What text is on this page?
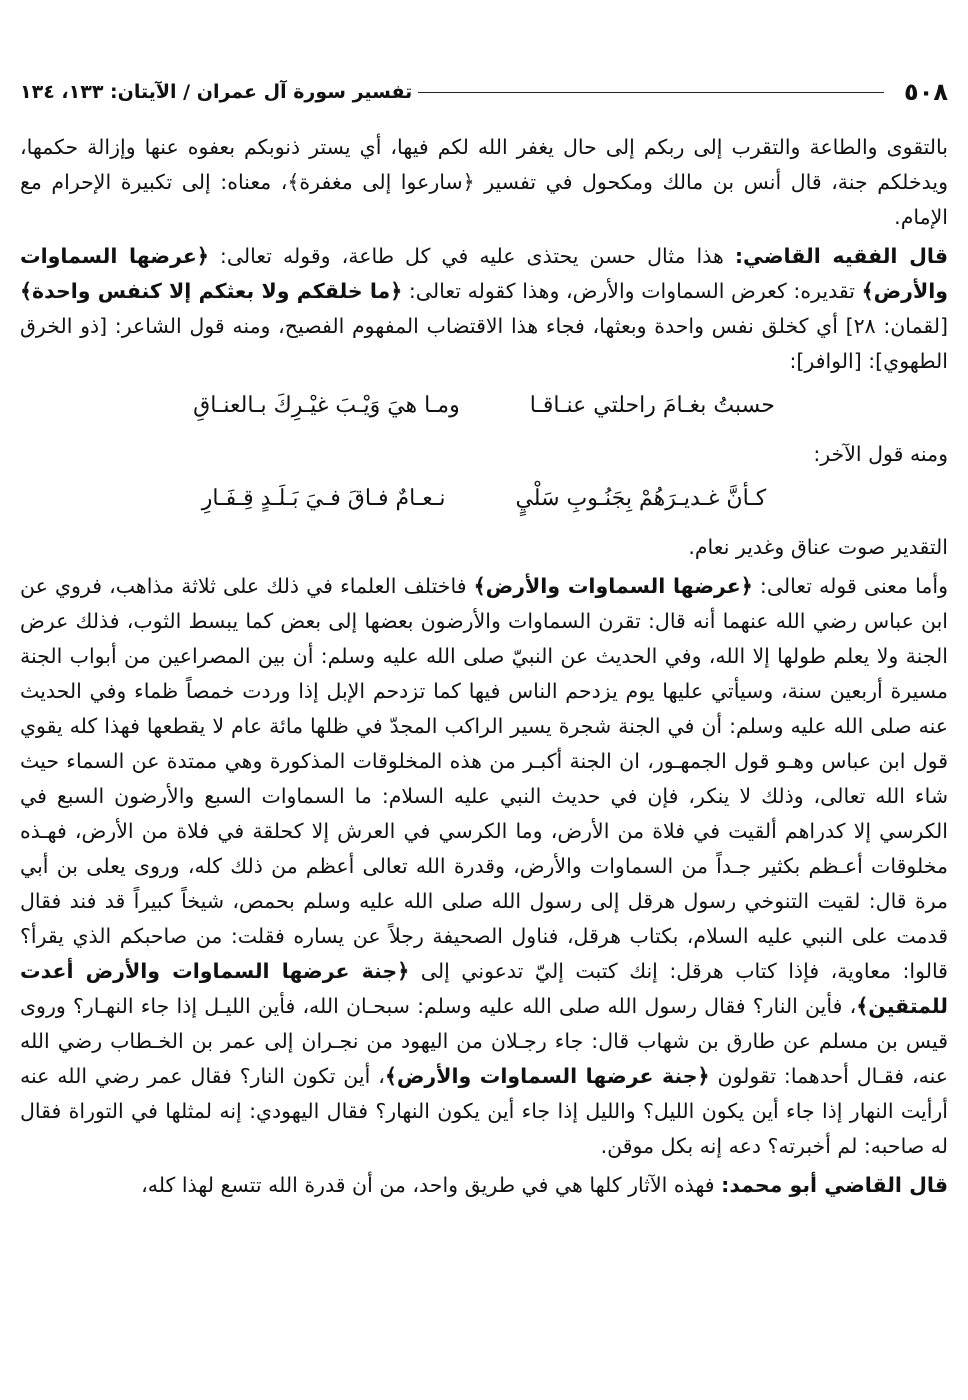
٥٠٨
تفسير سورة آل عمران / الآيتان: ١٣٣، ١٣٤

بالتقوى والطاعة والتقرب إلى ربكم إلى حال يغفر الله لكم فيها، أي يستر ذنوبكم بعفوه عنها وإزالة حكمها، ويدخلكم جنة، قال أنس بن مالك ومكحول في تفسير ﴿سارعوا إلى مغفرة﴾، معناه: إلى تكبيرة الإحرام مع الإمام.

قال الفقيه القاضي: هذا مثال حسن يحتذى عليه في كل طاعة، وقوله تعالى: ﴿عرضها السماوات والأرض﴾ تقديره: كعرض السماوات والأرض، وهذا كقوله تعالى: ﴿ما خلقكم ولا بعثكم إلا كنفس واحدة﴾ [لقمان: ٢٨] أي كخلق نفس واحدة وبعثها، فجاء هذا الاقتضاب المفهوم الفصيح، ومنه قول الشاعر: [ذو الخرق الطهوي]: [الوافر]:

حسبتُ بغـامَ راحلتي عنـاقـا
ومـا هيَ وَيْـبَ غيْـرِكَ بـالعنـاقِ

ومنه قول الآخر:

كـأنَّ غـديـرَهُمْ بِجَنُـوبِ سَلْيٍ
نـعـامٌ فـاقَ فـيَ بَـلَـدٍ قِـفَـارِ

التقدير صوت عناق وغدير نعام.

وأما معنى قوله تعالى: ﴿عرضها السماوات والأرض﴾ فاختلف العلماء في ذلك على ثلاثة مذاهب، فروي عن ابن عباس رضي الله عنهما أنه قال: تقرن السماوات والأرضون بعضها إلى بعض كما يبسط الثوب، فذلك عرض الجنة ولا يعلم طولها إلا الله، وفي الحديث عن النبيّ صلى الله عليه وسلم: أن بين المصراعين من أبواب الجنة مسيرة أربعين سنة، وسيأتي عليها يوم يزدحم الناس فيها كما تزدحم الإبل إذا وردت خمصاً ظماء وفي الحديث عنه صلى الله عليه وسلم: أن في الجنة شجرة يسير الراكب المجدّ في ظلها مائة عام لا يقطعها فهذا كله يقوي قول ابن عباس وهـو قول الجمهـور، ان الجنة أكبـر من هذه المخلوقات المذكورة وهي ممتدة عن السماء حيث شاء الله تعالى، وذلك لا ينكر، فإن في حديث النبي عليه السلام: ما السماوات السبع والأرضون السبع في الكرسي إلا كدراهم ألقيت في فلاة من الأرض، وما الكرسي في العرش إلا كحلقة في فلاة من الأرض، فهـذه مخلوقات أعـظم بكثير جـداً من السماوات والأرض، وقدرة الله تعالى أعظم من ذلك كله، وروى يعلى بن أبي مرة قال: لقيت التنوخي رسول هرقل إلى رسول الله صلى الله عليه وسلم بحمص، شيخاً كبيراً قد فند فقال قدمت على النبي عليه السلام، بكتاب هرقل، فناول الصحيفة رجلاً عن يساره فقلت: من صاحبكم الذي يقرأ؟ قالوا: معاوية، فإذا كتاب هرقل: إنك كتبت إليّ تدعوني إلى ﴿جنة عرضها السماوات والأرض أعدت للمتقين﴾، فأين النار؟ فقال رسول الله صلى الله عليه وسلم: سبحـان الله، فأين الليـل إذا جاء النهـار؟ وروى قيس بن مسلم عن طارق بن شهاب قال: جاء رجـلان من اليهود من نجـران إلى عمر بن الخـطاب رضي الله عنه، فقـال أحدهما: تقولون ﴿جنة عرضها السماوات والأرض﴾، أين تكون النار؟ فقال عمر رضي الله عنه أرأيت النهار إذا جاء أين يكون الليل؟ والليل إذا جاء أين يكون النهار؟ فقال اليهودي: إنه لمثلها في التوراة فقال له صاحبه: لم أخبرته؟ دعه إنه بكل موقن.

قال القاضي أبو محمد: فهذه الآثار كلها هي في طريق واحد، من أن قدرة الله تتسع لهذا كله،
